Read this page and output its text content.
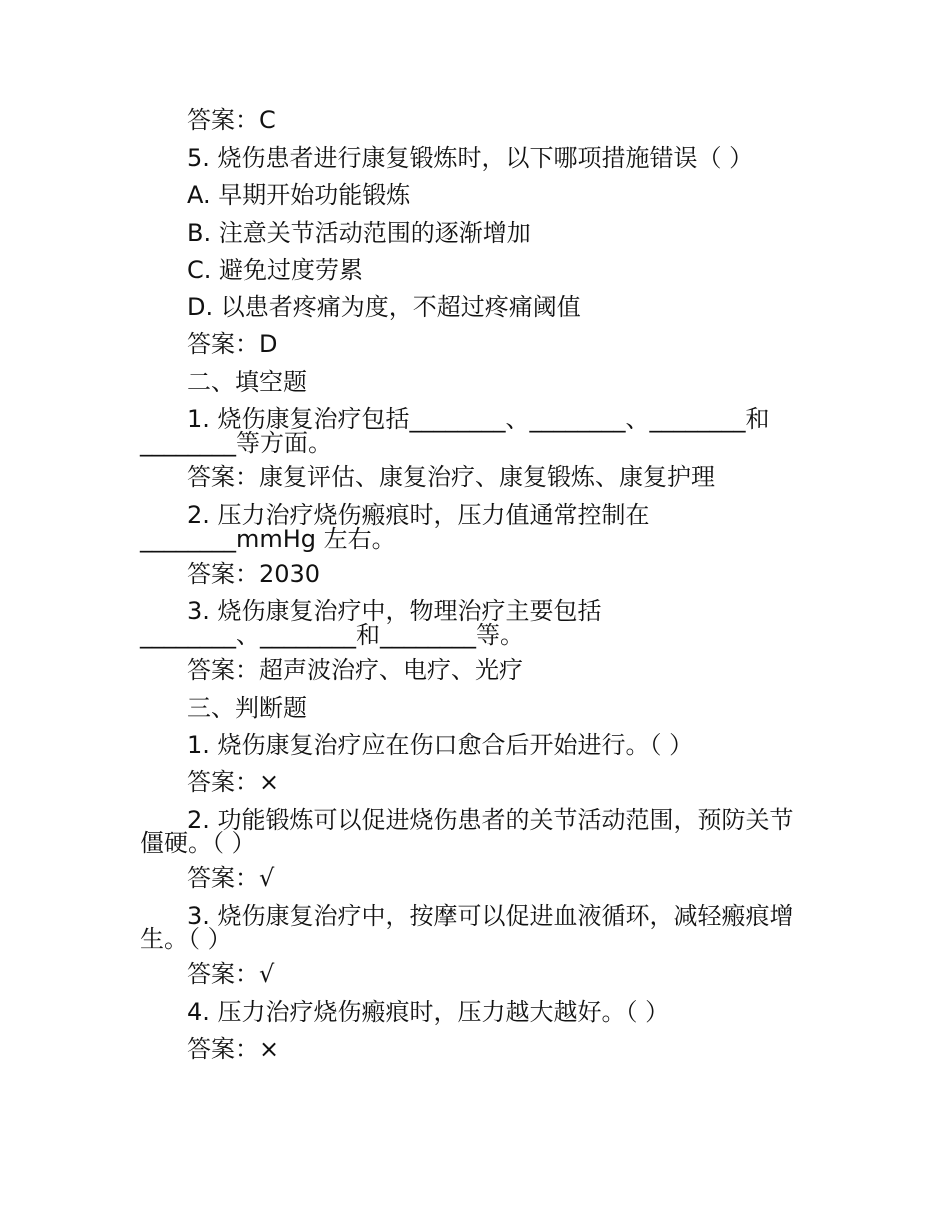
答案：C
5. 烧伤患者进行康复锻炼时，以下哪项措施错误（ ）
A. 早期开始功能锻炼
B. 注意关节活动范围的逐渐增加
C. 避免过度劳累
D. 以患者疼痛为度，不超过疼痛阈值
答案：D
二、填空题
1. 烧伤康复治疗包括________、________、________和
________等方面。
答案：康复评估、康复治疗、康复锻炼、康复护理
2. 压力治疗烧伤瘢痕时，压力值通常控制在
________mmHg 左右。
答案：2030
3. 烧伤康复治疗中，物理治疗主要包括
________、________和________等。
答案：超声波治疗、电疗、光疗
三、判断题
1. 烧伤康复治疗应在伤口愈合后开始进行。（ ）
答案：×
2. 功能锻炼可以促进烧伤患者的关节活动范围，预防关节
僵硬。（ ）
答案：√
3. 烧伤康复治疗中，按摩可以促进血液循环，减轻瘢痕增
生。（ ）
答案：√
4. 压力治疗烧伤瘢痕时，压力越大越好。（ ）
答案：×
